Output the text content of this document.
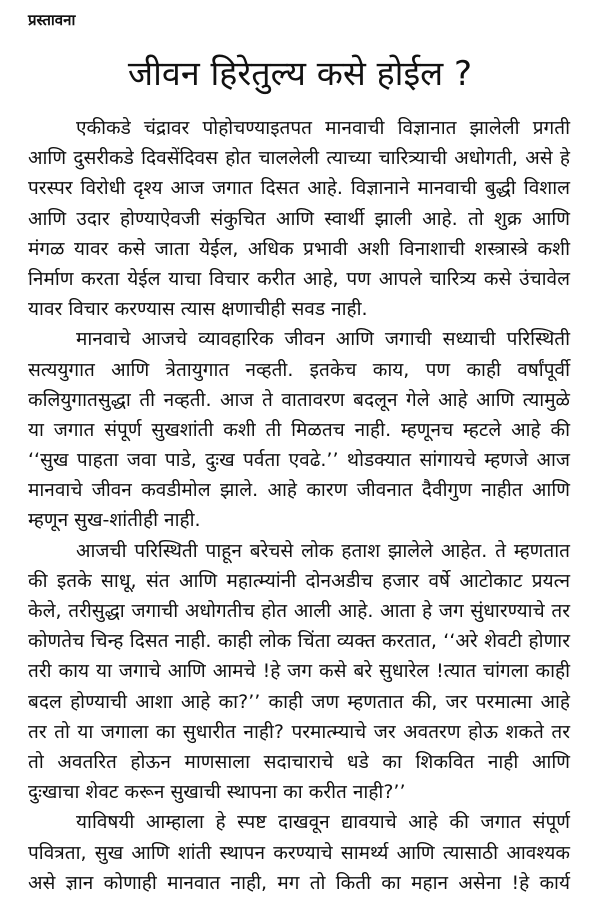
प्रस्तावना
जीवन हिरेतुल्य कसे होईल ?
एकीकडे चंद्रावर पोहोचण्याइतपत मानवाची विज्ञानात झालेली प्रगती
आणि दुसरीकडे दिवसेंदिवस होत चाललेली त्याच्या चारित्र्याची अधोगती, असे हे
परस्पर विरोधी दृश्य आज जगात दिसत आहे. विज्ञानाने मानवाची बुद्धी विशाल
आणि उदार होण्याऐवजी संकुचित आणि स्वार्थी झाली आहे. तो शुक्र आणि
मंगळ यावर कसे जाता येईल, अधिक प्रभावी अशी विनाशाची शस्त्रास्त्रे कशी
निर्माण करता येईल याचा विचार करीत आहे, पण आपले चारित्र्य कसे उंचावेल
यावर विचार करण्यास त्यास क्षणाचीही सवड नाही.
मानवाचे आजचे व्यावहारिक जीवन आणि जगाची सध्याची परिस्थिती
सत्ययुगात आणि त्रेतायुगात नव्हती. इतकेच काय, पण काही वर्षांपूर्वी
कलियुगातसुद्धा ती नव्हती. आज ते वातावरण बदलून गेले आहे आणि त्यामुळे
या जगात संपूर्ण सुखशांती कशी ती मिळतच नाही. म्हणूनच म्हटले आहे की
‘‘सुख पाहता जवा पाडे, दुःख पर्वता एवढे.’’ थोडक्यात सांगायचे म्हणजे आज
मानवाचे जीवन कवडीमोल झाले. आहे कारण जीवनात दैवीगुण नाहीत आणि
म्हणून सुख-शांतीही नाही.
आजची परिस्थिती पाहून बरेचसे लोक हताश झालेले आहेत. ते म्हणतात
की इतके साधू, संत आणि महात्म्यांनी दोनअडीच हजार वर्षे आटोकाट प्रयत्न
केले, तरीसुद्धा जगाची अधोगतीच होत आली आहे. आता हे जग सुंधारण्याचे तर
कोणतेच चिन्ह दिसत नाही. काही लोक चिंता व्यक्त करतात, ‘‘अरे शेवटी होणार
तरी काय या जगाचे आणि आमचे !हे जग कसे बरे सुधारेल !त्यात चांगला काही
बदल होण्याची आशा आहे का?’’ काही जण म्हणतात की, जर परमात्मा आहे
तर तो या जगाला का सुधारीत नाही? परमात्म्याचे जर अवतरण होऊ शकते तर
तो अवतरित होऊन माणसाला सदाचाराचे धडे का शिकवित नाही आणि
दुःखाचा शेवट करून सुखाची स्थापना का करीत नाही?’’
याविषयी आम्हाला हे स्पष्ट दाखवून द्यावयाचे आहे की जगात संपूर्ण
पवित्रता, सुख आणि शांती स्थापन करण्याचे सामर्थ्य आणि त्यासाठी आवश्यक
असे ज्ञान कोणाही मानवात नाही, मग तो किती का महान असेना !हे कार्य
